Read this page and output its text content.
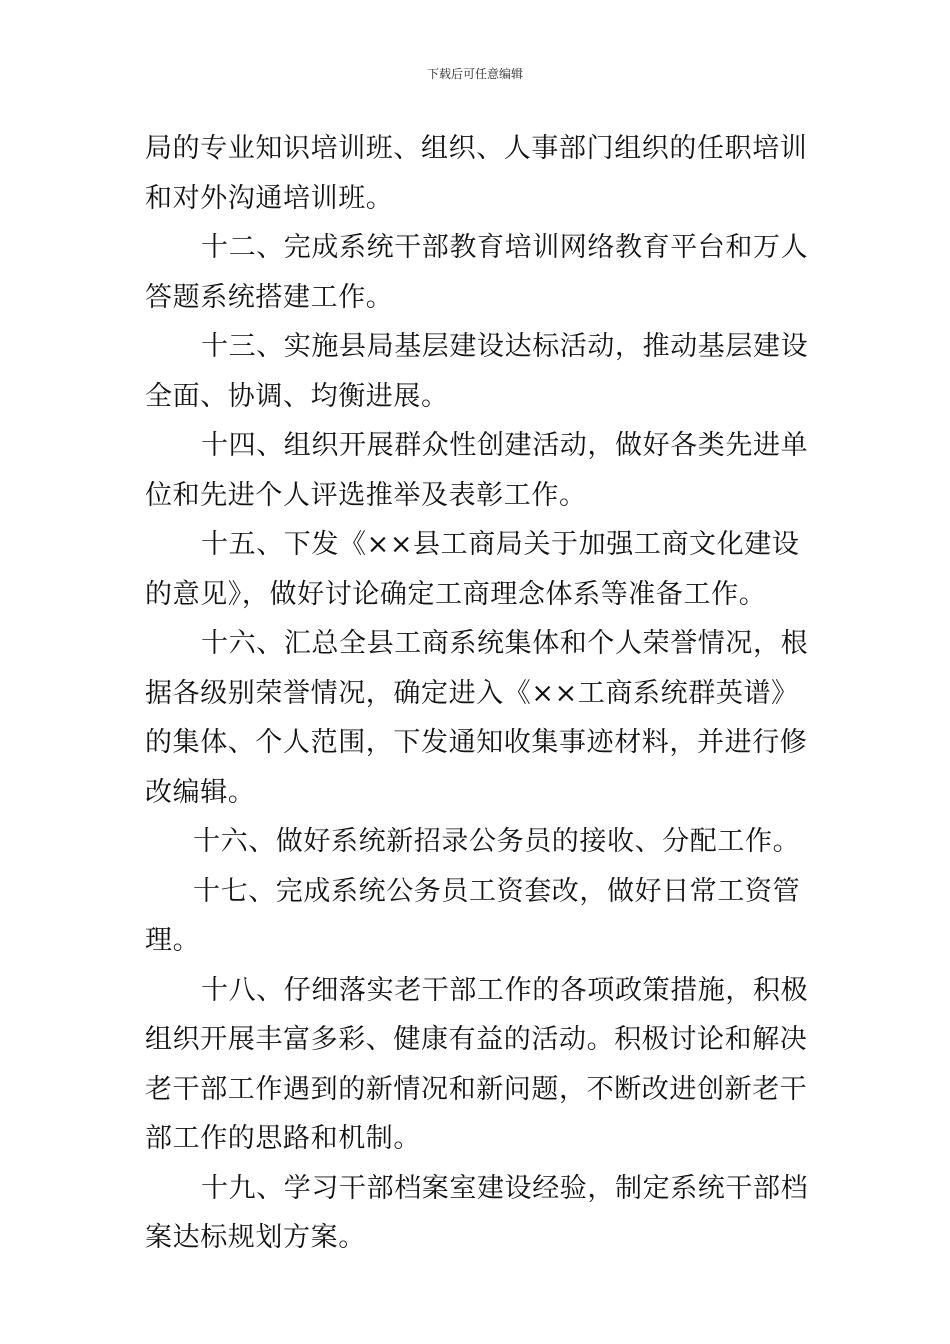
下载后可任意编辑

局的专业知识培训班、组织、人事部门组织的任职培训和对外沟通培训班。

十二、完成系统干部教育培训网络教育平台和万人答题系统搭建工作。

十三、实施县局基层建设达标活动，推动基层建设全面、协调、均衡进展。

十四、组织开展群众性创建活动，做好各类先进单位和先进个人评选推举及表彰工作。

十五、下发《××县工商局关于加强工商文化建设的意见》，做好讨论确定工商理念体系等准备工作。

十六、汇总全县工商系统集体和个人荣誉情况，根据各级别荣誉情况，确定进入《××工商系统群英谱》的集体、个人范围，下发通知收集事迹材料，并进行修改编辑。

十六、做好系统新招录公务员的接收、分配工作。

十七、完成系统公务员工资套改，做好日常工资管理。

十八、仔细落实老干部工作的各项政策措施，积极组织开展丰富多彩、健康有益的活动。积极讨论和解决老干部工作遇到的新情况和新问题，不断改进创新老干部工作的思路和机制。

十九、学习干部档案室建设经验，制定系统干部档案达标规划方案。
